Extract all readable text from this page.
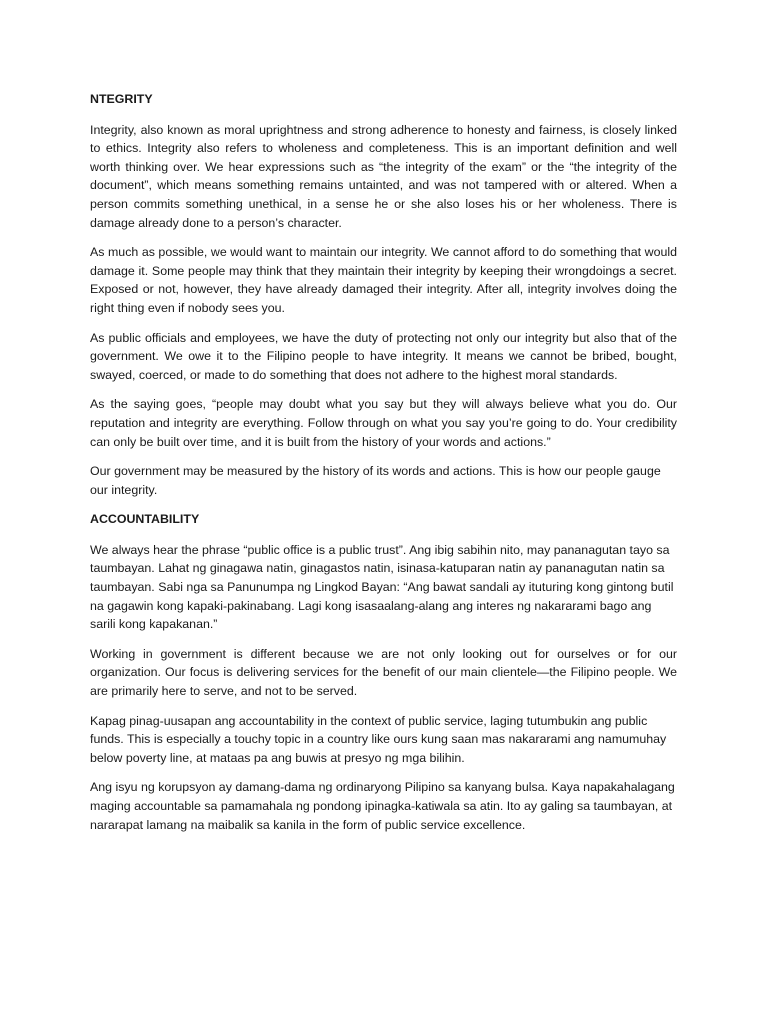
NTEGRITY

Integrity, also known as moral uprightness and strong adherence to honesty and fairness, is closely linked to ethics. Integrity also refers to wholeness and completeness. This is an important definition and well worth thinking over. We hear expressions such as “the integrity of the exam” or the “the integrity of the document”, which means something remains untainted, and was not tampered with or altered. When a person commits something unethical, in a sense he or she also loses his or her wholeness. There is damage already done to a person’s character.

As much as possible, we would want to maintain our integrity. We cannot afford to do something that would damage it. Some people may think that they maintain their integrity by keeping their wrongdoings a secret. Exposed or not, however, they have already damaged their integrity. After all, integrity involves doing the right thing even if nobody sees you.

As public officials and employees, we have the duty of protecting not only our integrity but also that of the government. We owe it to the Filipino people to have integrity. It means we cannot be bribed, bought, swayed, coerced, or made to do something that does not adhere to the highest moral standards.

As the saying goes, “people may doubt what you say but they will always believe what you do. Our reputation and integrity are everything. Follow through on what you say you’re going to do. Your credibility can only be built over time, and it is built from the history of your words and actions.”

Our government may be measured by the history of its words and actions. This is how our people gauge our integrity.

ACCOUNTABILITY

We always hear the phrase “public office is a public trust”. Ang ibig sabihin nito, may pananagutan tayo sa taumbayan. Lahat ng ginagawa natin, ginagastos natin, isinasa-katuparan natin ay pananagutan natin sa taumbayan. Sabi nga sa Panunumpa ng Lingkod Bayan: “Ang bawat sandali ay ituturing kong gintong butil na gagawin kong kapaki-pakinabang. Lagi kong isasaalang-alang ang interes ng nakararami bago ang sarili kong kapakanan.”

Working in government is different because we are not only looking out for ourselves or for our organization. Our focus is delivering services for the benefit of our main clientele—the Filipino people. We are primarily here to serve, and not to be served.

Kapag pinag-uusapan ang accountability in the context of public service, laging tutumbukin ang public funds. This is especially a touchy topic in a country like ours kung saan mas nakararami ang namumuhay below poverty line, at mataas pa ang buwis at presyo ng mga bilihin.

Ang isyu ng korupsyon ay damang-dama ng ordinaryong Pilipino sa kanyang bulsa. Kaya napakahalagang maging accountable sa pamamahala ng pondong ipinagka-katiwala sa atin. Ito ay galing sa taumbayan, at nararapat lamang na maibalik sa kanila in the form of public service excellence.
